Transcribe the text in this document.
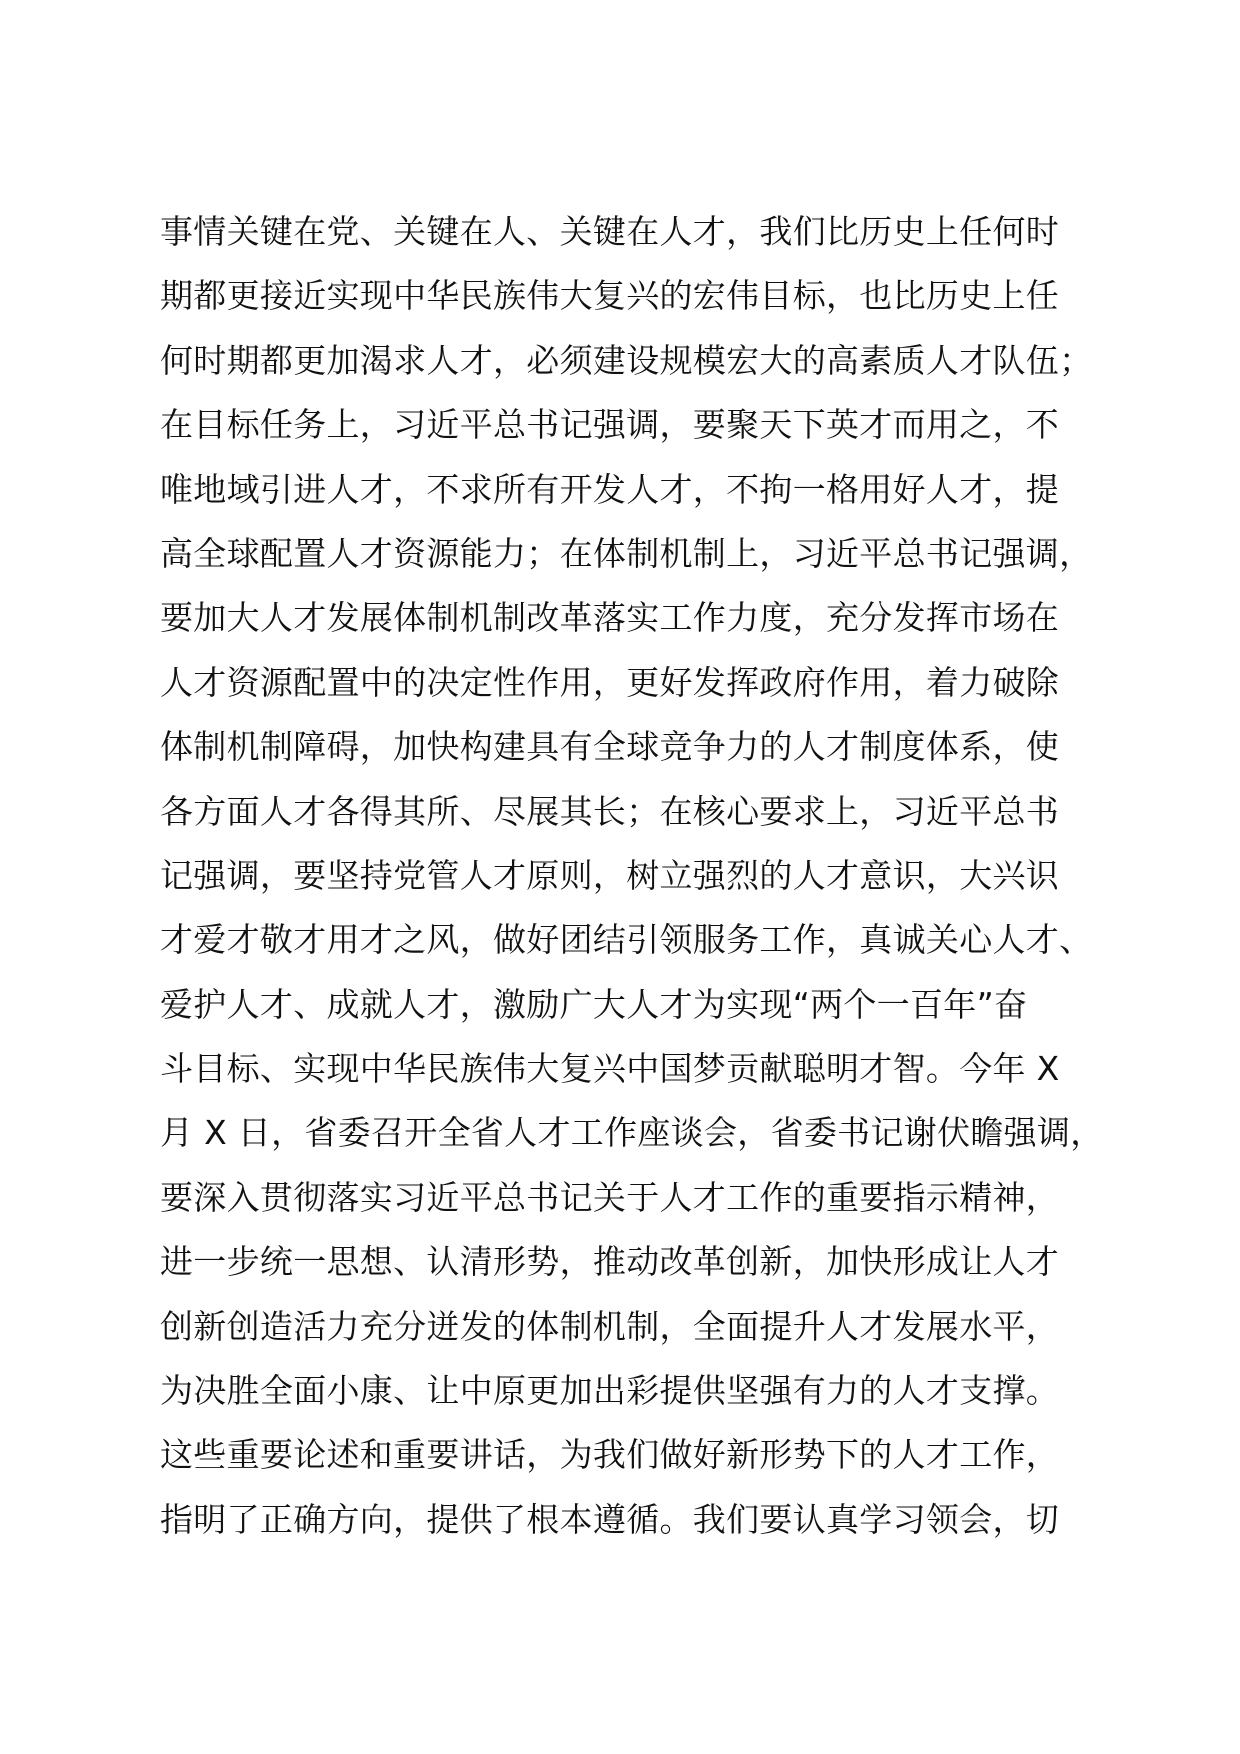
事情关键在党、关键在人、关键在人才，我们比历史上任何时
期都更接近实现中华民族伟大复兴的宏伟目标，也比历史上任
何时期都更加渴求人才，必须建设规模宏大的高素质人才队伍；
在目标任务上，习近平总书记强调，要聚天下英才而用之，不
唯地域引进人才，不求所有开发人才，不拘一格用好人才，提
高全球配置人才资源能力；在体制机制上，习近平总书记强调，
要加大人才发展体制机制改革落实工作力度，充分发挥市场在
人才资源配置中的决定性作用，更好发挥政府作用，着力破除
体制机制障碍，加快构建具有全球竞争力的人才制度体系，使
各方面人才各得其所、尽展其长；在核心要求上，习近平总书
记强调，要坚持党管人才原则，树立强烈的人才意识，大兴识
才爱才敬才用才之风，做好团结引领服务工作，真诚关心人才、
爱护人才、成就人才，激励广大人才为实现“两个一百年”奋
斗目标、实现中华民族伟大复兴中国梦贡献聪明才智。今年 X
月 X 日，省委召开全省人才工作座谈会，省委书记谢伏瞻强调，
要深入贯彻落实习近平总书记关于人才工作的重要指示精神，
进一步统一思想、认清形势，推动改革创新，加快形成让人才
创新创造活力充分迸发的体制机制，全面提升人才发展水平，
为决胜全面小康、让中原更加出彩提供坚强有力的人才支撑。
这些重要论述和重要讲话，为我们做好新形势下的人才工作，
指明了正确方向，提供了根本遵循。我们要认真学习领会，切
